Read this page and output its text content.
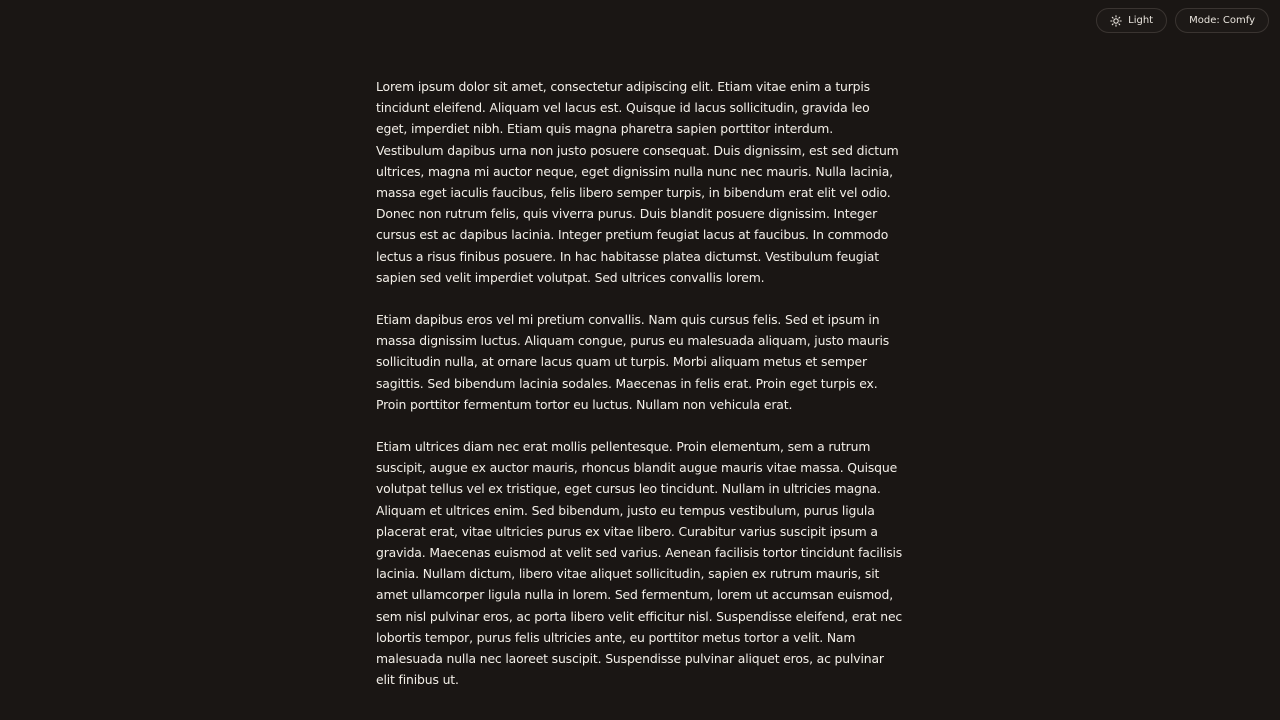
Light	Mode: Comfy

Lorem ipsum dolor sit amet, consectetur adipiscing elit. Etiam vitae enim a turpis tincidunt eleifend. Aliquam vel lacus est. Quisque id lacus sollicitudin, gravida leo eget, imperdiet nibh. Etiam quis magna pharetra sapien porttitor interdum. Vestibulum dapibus urna non justo posuere consequat. Duis dignissim, est sed dictum ultrices, magna mi auctor neque, eget dignissim nulla nunc nec mauris. Nulla lacinia, massa eget iaculis faucibus, felis libero semper turpis, in bibendum erat elit vel odio. Donec non rutrum felis, quis viverra purus. Duis blandit posuere dignissim. Integer cursus est ac dapibus lacinia. Integer pretium feugiat lacus at faucibus. In commodo lectus a risus finibus posuere. In hac habitasse platea dictumst. Vestibulum feugiat sapien sed velit imperdiet volutpat. Sed ultrices convallis lorem.

Etiam dapibus eros vel mi pretium convallis. Nam quis cursus felis. Sed et ipsum in massa dignissim luctus. Aliquam congue, purus eu malesuada aliquam, justo mauris sollicitudin nulla, at ornare lacus quam ut turpis. Morbi aliquam metus et semper sagittis. Sed bibendum lacinia sodales. Maecenas in felis erat. Proin eget turpis ex. Proin porttitor fermentum tortor eu luctus. Nullam non vehicula erat.

Etiam ultrices diam nec erat mollis pellentesque. Proin elementum, sem a rutrum suscipit, augue ex auctor mauris, rhoncus blandit augue mauris vitae massa. Quisque volutpat tellus vel ex tristique, eget cursus leo tincidunt. Nullam in ultricies magna. Aliquam et ultrices enim. Sed bibendum, justo eu tempus vestibulum, purus ligula placerat erat, vitae ultricies purus ex vitae libero. Curabitur varius suscipit ipsum a gravida. Maecenas euismod at velit sed varius. Aenean facilisis tortor tincidunt facilisis lacinia. Nullam dictum, libero vitae aliquet sollicitudin, sapien ex rutrum mauris, sit amet ullamcorper ligula nulla in lorem. Sed fermentum, lorem ut accumsan euismod, sem nisl pulvinar eros, ac porta libero velit efficitur nisl. Suspendisse eleifend, erat nec lobortis tempor, purus felis ultricies ante, eu porttitor metus tortor a velit. Nam malesuada nulla nec laoreet suscipit. Suspendisse pulvinar aliquet eros, ac pulvinar elit finibus ut.
